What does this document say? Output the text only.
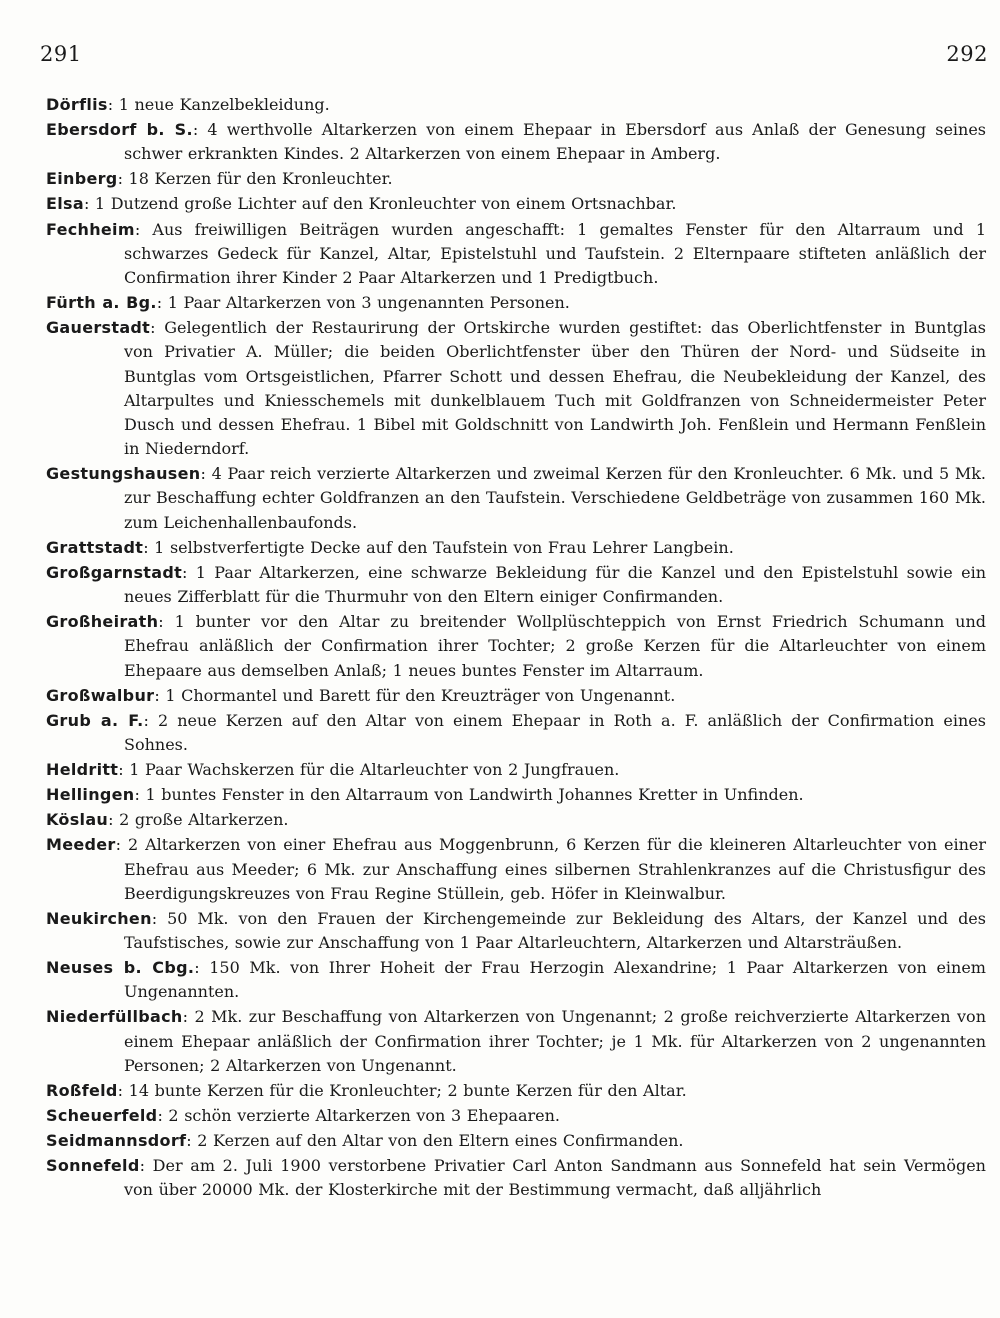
291	292

Dörflis: 1 neue Kanzelbekleidung.

Ebersdorf b. S.: 4 werthvolle Altarkerzen von einem Ehepaar in Ebersdorf aus Anlaß der Genesung seines schwer erkrankten Kindes. 2 Altarkerzen von einem Ehepaar in Amberg.

Einberg: 18 Kerzen für den Kronleuchter.

Elsa: 1 Dutzend große Lichter auf den Kronleuchter von einem Ortsnachbar.

Fechheim: Aus freiwilligen Beiträgen wurden angeschafft: 1 gemaltes Fenster für den Altarraum und 1 schwarzes Gedeck für Kanzel, Altar, Epistelstuhl und Taufstein. 2 Elternpaare stifteten anläßlich der Confirmation ihrer Kinder 2 Paar Altarkerzen und 1 Predigtbuch.

Fürth a. Bg.: 1 Paar Altarkerzen von 3 ungenannten Personen.

Gauerstadt: Gelegentlich der Restaurirung der Ortskirche wurden gestiftet: das Oberlichtfenster in Buntglas von Privatier A. Müller; die beiden Oberlichtfenster über den Thüren der Nord- und Südseite in Buntglas vom Ortsgeistlichen, Pfarrer Schott und dessen Ehefrau, die Neubekleidung der Kanzel, des Altarpultes und Kniesschemels mit dunkelblauem Tuch mit Goldfranzen von Schneidermeister Peter Dusch und dessen Ehefrau. 1 Bibel mit Goldschnitt von Landwirth Joh. Fenßlein und Hermann Fenßlein in Niederndorf.

Gestungshausen: 4 Paar reich verzierte Altarkerzen und zweimal Kerzen für den Kronleuchter. 6 Mk. und 5 Mk. zur Beschaffung echter Goldfranzen an den Taufstein. Verschiedene Geldbeträge von zusammen 160 Mk. zum Leichenhallenbaufonds.

Grattstadt: 1 selbstverfertigte Decke auf den Taufstein von Frau Lehrer Langbein.

Großgarnstadt: 1 Paar Altarkerzen, eine schwarze Bekleidung für die Kanzel und den Epistelstuhl sowie ein neues Zifferblatt für die Thurmuhr von den Eltern einiger Confirmanden.

Großheirath: 1 bunter vor den Altar zu breitender Wollplüschteppich von Ernst Friedrich Schumann und Ehefrau anläßlich der Confirmation ihrer Tochter; 2 große Kerzen für die Altarleuchter von einem Ehepaare aus demselben Anlaß; 1 neues buntes Fenster im Altarraum.

Großwalbur: 1 Chormantel und Barett für den Kreuzträger von Ungenannt.

Grub a. F.: 2 neue Kerzen auf den Altar von einem Ehepaar in Roth a. F. anläßlich der Confirmation eines Sohnes.

Heldritt: 1 Paar Wachskerzen für die Altarleuchter von 2 Jungfrauen.

Hellingen: 1 buntes Fenster in den Altarraum von Landwirth Johannes Kretter in Unfinden.

Köslau: 2 große Altarkerzen.

Meeder: 2 Altarkerzen von einer Ehefrau aus Moggenbrunn, 6 Kerzen für die kleineren Altarleuchter von einer Ehefrau aus Meeder; 6 Mk. zur Anschaffung eines silbernen Strahlenkranzes auf die Christusfigur des Beerdigungskreuzes von Frau Regine Stüllein, geb. Höfer in Kleinwalbur.

Neukirchen: 50 Mk. von den Frauen der Kirchengemeinde zur Bekleidung des Altars, der Kanzel und des Taufstisches, sowie zur Anschaffung von 1 Paar Altarleuchtern, Altarkerzen und Altarsträußen.

Neuses b. Cbg.: 150 Mk. von Ihrer Hoheit der Frau Herzogin Alexandrine; 1 Paar Altarkerzen von einem Ungenannten.

Niederfüllbach: 2 Mk. zur Beschaffung von Altarkerzen von Ungenannt; 2 große reichverzierte Altarkerzen von einem Ehepaar anläßlich der Confirmation ihrer Tochter; je 1 Mk. für Altarkerzen von 2 ungenannten Personen; 2 Altarkerzen von Ungenannt.

Roßfeld: 14 bunte Kerzen für die Kronleuchter; 2 bunte Kerzen für den Altar.

Scheuerfeld: 2 schön verzierte Altarkerzen von 3 Ehepaaren.

Seidmannsdorf: 2 Kerzen auf den Altar von den Eltern eines Confirmanden.

Sonnefeld: Der am 2. Juli 1900 verstorbene Privatier Carl Anton Sandmann aus Sonnefeld hat sein Vermögen von über 20000 Mk. der Klosterkirche mit der Bestimmung vermacht, daß alljährlich
